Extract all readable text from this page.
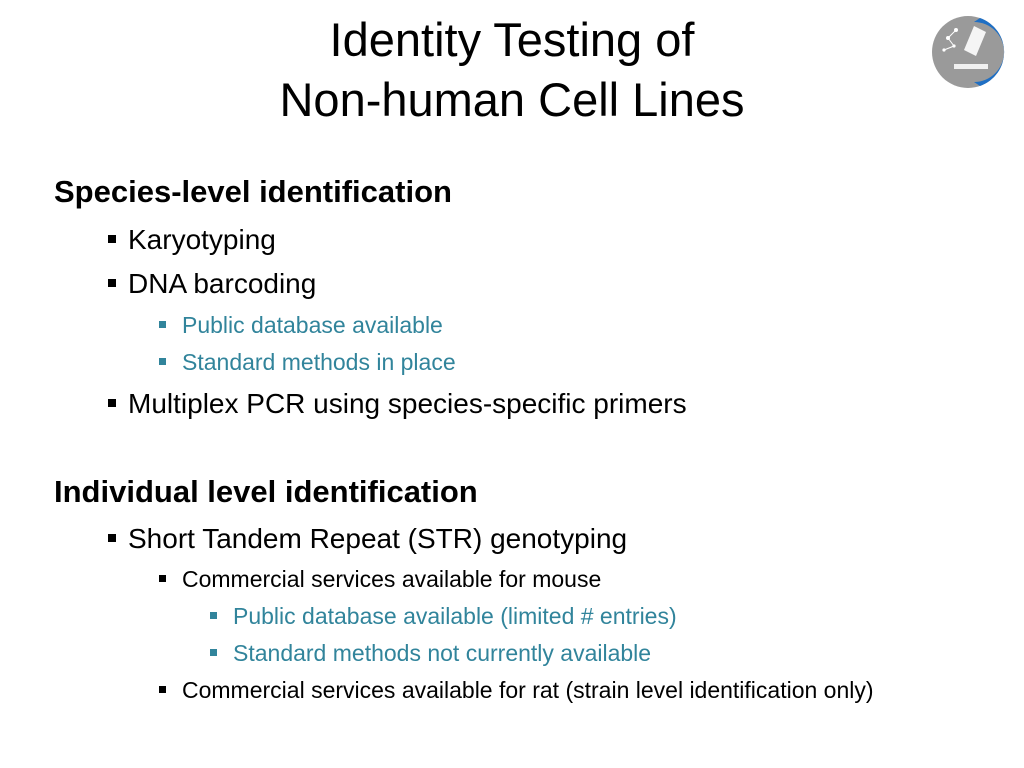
Identity Testing of
Non-human Cell Lines
Species-level identification
Karyotyping
DNA barcoding
Public database available
Standard methods in place
Multiplex PCR using species-specific primers
Individual level identification
Short Tandem Repeat (STR) genotyping
Commercial services available for mouse
Public database available (limited # entries)
Standard methods not currently available
Commercial services available for rat (strain level identification only)
